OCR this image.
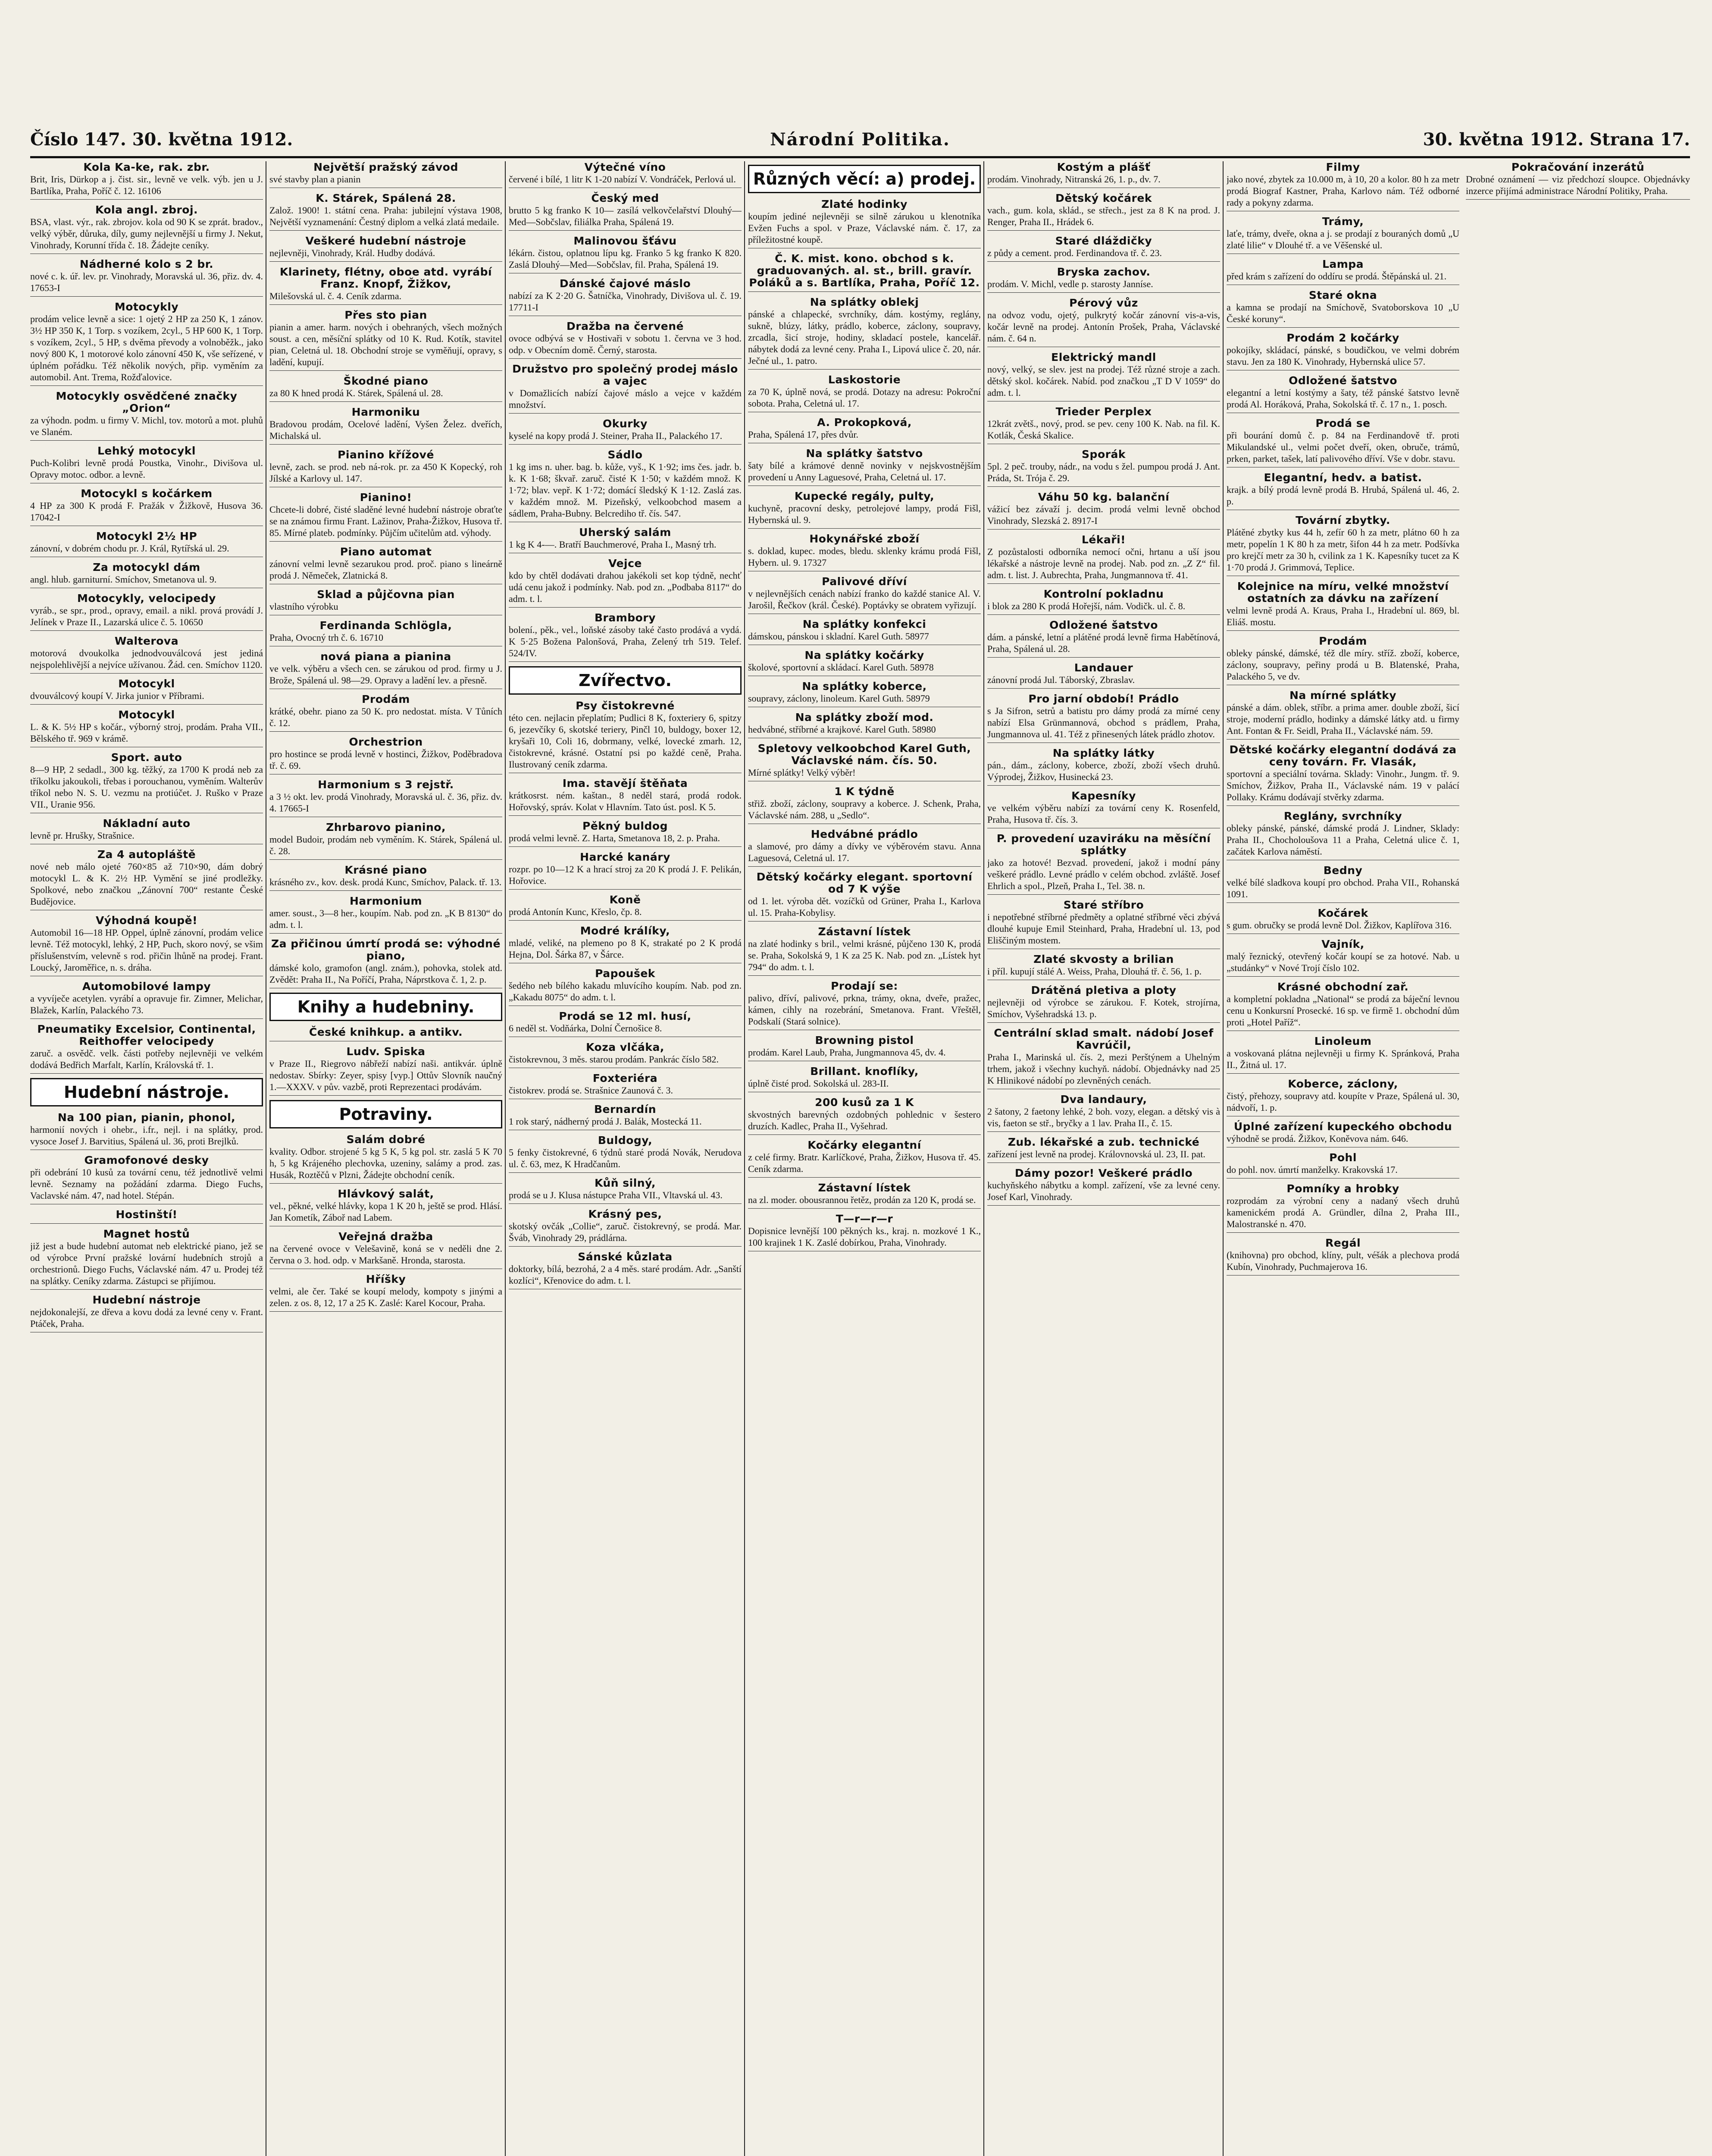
Číslo 147. 30. května 1912.	Národní Politika.	30. května 1912. Strana 17.
Kola Ka-ke, rak. zbr.
Brit, Iris, Dürkop a j. čist. sir., levně ve velk. výb. jen u J. Bartlíka, Praha, Poříč č. 12. 16106
Kola angl. zbroj.
BSA, vlast. výr., rak. zbrojov. kola od 90 K se zprát. bradov., velký výběr, důruka, díly, gumy nejlevnější u firmy J. Nekut, Vinohrady, Korunní třída č. 18. Žádejte ceníky.
Nádherné kolo s 2 br.
nové c. k. úř. lev. pr. Vinohrady, Moravská ul. 36, přiz. dv. 4. 17653-I
Motocykly
prodám velice levně a sice: 1 ojetý 2 HP za 250 K, 1 zánov. 3½ HP 350 K, 1 Torp. s vozíkem, 2cyl., 5 HP 600 K, 1 Torp. s vozíkem, 2cyl., 5 HP, s dvěma převody a volnoběžk., jako nový 800 K, 1 motorové kolo zánovní 450 K, vše seřízené, v úplném pořádku. Též několik nových, přip. vyměním za automobil. Ant. Trema, Rožďalovice.
Motocykly osvědčené značky „Orion“
za výhodn. podm. u firmy V. Michl, tov. motorů a mot. pluhů ve Slaném.
Lehký motocykl
Puch-Kolibri levně prodá Poustka, Vinohr., Divišova ul. Opravy motoc. odbor. a levně.
Motocykl s kočárkem
4 HP za 300 K prodá F. Pražák v Žižkově, Husova 36. 17042-I
Motocykl 2½ HP
zánovní, v dobrém chodu pr. J. Král, Rytířská ul. 29.
Za motocykl dám
angl. hlub. garniturní. Smíchov, Smetanova ul. 9.
Motocykly, velocipedy
vyráb., se spr., prod., opravy, email. a nikl. prová provádí J. Jelínek v Praze II., Lazarská ulice č. 5. 10650
Walterova
motorová dvoukolka jednodvouválcová jest jediná nejspolehlivější a nejvíce užívanou. Žád. cen. Smíchov 1120.
Motocykl
dvouválcový koupí V. Jirka junior v Příbrami.
Motocykl
L. & K. 5½ HP s kočár., výborný stroj, prodám. Praha VII., Bělského tř. 969 v krámě.
Sport. auto
8—9 HP, 2 sedadl., 300 kg. těžký, za 1700 K prodá neb za tříkolku jakoukoli, třebas i porouchanou, vyměním. Walterův tříkol nebo N. S. U. vezmu na protiúčet. J. Ruško v Praze VII., Uranie 956.
Nákladní auto
levně pr. Hrušky, Strašnice.
Za 4 autopláště
nové neb málo ojeté 760×85 až 710×90, dám dobrý motocykl L. & K. 2½ HP. Vymění se jiné prodležky. Spolkové, nebo značkou „Zánovní 700“ restante České Budějovice.
Výhodná koupě!
Automobil 16—18 HP. Oppel, úplně zánovní, prodám velice levně. Též motocykl, lehký, 2 HP, Puch, skoro nový, se všim příslušenstvím, velevně s rod. přičin lhůně na prodej. Frant. Loucký, Jaroměřice, n. s. dráha.
Automobilové lampy
a vyvíječe acetylen. vyrábí a opravuje fir. Zimner, Melichar, Blažek, Karlín, Palackého 73.
Pneumatiky Excelsior, Continental, Reithoffer velocipedy
zaruč. a osvědč. velk. části potřeby nejlevněji ve velkém dodává Bedřich Marfalt, Karlín, Královská tř. 1.
Hudební nástroje.
Na 100 pian, pianin, phonol,
harmonií nových i ohebr., i.fr., nejl. i na splátky, prod. vysoce Josef J. Barvitius, Spálená ul. 36, proti Brejlků.
Gramofonové desky
při odebrání 10 kusů za tovární cenu, též jednotlivě velmi levně. Seznamy na požádání zdarma. Diego Fuchs, Vaclavské nám. 47, nad hotel. Stépán.
Hostinští!
Magnet hostů
již jest a bude hudební automat neb elektrické piano, jež se od výrobce První pražské lovární hudebních strojů a orchestrionů. Diego Fuchs, Václavské nám. 47 u. Prodej též na splátky. Ceníky zdarma. Zástupci se přijímou.
Hudební nástroje
nejdokonalejší, ze dřeva a kovu dodá za levné ceny v. Frant. Ptáček, Praha.
Největší pražský závod
své stavby plan a pianin
K. Stárek, Spálená 28.
Založ. 1900! 1. státní cena. Praha: jubilejní výstava 1908, Největší vyznamenání: Čestný diplom a velká zlatá medaile.
Veškeré hudební nástroje
nejlevněji, Vinohrady, Král. Hudby dodává.
Klarinety, flétny, oboe atd. vyrábí Franz. Knopf, Žižkov,
Milešovská ul. č. 4. Ceník zdarma.
Přes sto pian
pianin a amer. harm. nových i obehraných, všech možných soust. a cen, měsíční splátky od 10 K. Rud. Kotík, stavitel pian, Celetná ul. 18. Obchodní stroje se vyměňují, opravy, s ladění, kupují.
Škodné piano
za 80 K hned prodá K. Stárek, Spálená ul. 28.
Harmoniku
Bradovou prodám, Ocelové ladění, Vyšen Želez. dveřích, Michalská ul.
Pianino křížové
levně, zach. se prod. neb ná-rok. pr. za 450 K Kopecký, roh Jílské a Karlovy ul. 147.
Pianino!
Chcete-li dobré, čisté sladěné levné hudební nástroje obraťte se na známou firmu Frant. Lažinov, Praha-Žižkov, Husova tř. 85. Mírné plateb. podmínky. Půjčím učitelům atd. výhody.
Piano automat
zánovní velmi levně sezarukou prod. proč. piano s lineárně prodá J. Němeček, Zlatnická 8.
Sklad a půjčovna pian
vlastního výrobku
Ferdinanda Schlögla,
Praha, Ovocný trh č. 6. 16710
nová piana a pianina
ve velk. výběru a všech cen. se zárukou od prod. firmy u J. Brože, Spálená ul. 98—29. Opravy a ladění lev. a přesně.
Prodám
krátké, obehr. piano za 50 K. pro nedostat. místa. V Tůních č. 12.
Orchestrion
pro hostince se prodá levně v hostinci, Žižkov, Poděbradova tř. č. 69.
Harmonium s 3 rejstř.
a 3 ½ okt. lev. prodá Vinohrady, Moravská ul. č. 36, přiz. dv. 4. 17665-I
Zhrbarovo pianino,
model Budoir, prodám neb vyměním. K. Stárek, Spálená ul. č. 28.
Krásné piano
krásného zv., kov. desk. prodá Kunc, Smíchov, Palack. tř. 13.
Harmonium
amer. soust., 3—8 her., koupím. Nab. pod zn. „K B 8130“ do adm. t. l.
Za přičinou úmrtí prodá se: výhodné piano,
dámské kolo, gramofon (angl. znám.), pohovka, stolek atd. Zvědět: Praha II., Na Poříčí, Praha, Náprstkova č. 1, 2. p.
Knihy a hudebniny.
České knihkup. a antikv.
Ludv. Spiska
v Praze II., Riegrovo nábřeží nabízí naši. antikvár. úplně nedostav. Sbírky: Zeyer, spisy [vyp.] Ottův Slovník naučný 1.—XXXV. v pův. vazbě, proti Reprezentaci prodávám.
Potraviny.
Salám dobré
kvality. Odbor. strojené 5 kg 5 K, 5 kg pol. str. zaslá 5 K 70 h, 5 kg Krájeného plechovka, uzeniny, salámy a prod. zas. Husák, Roztěčů v Plzni, Žádejte obchodní ceník.
Hlávkový salát,
vel., pěkné, velké hlávky, kopa 1 K 20 h, ještě se prod. Hlásí. Jan Kometík, Záboř nad Labem.
Veřejná dražba
na červené ovoce v Velešavině, koná se v neděli dne 2. června o 3. hod. odp. v Markšaně. Hronda, starosta.
Hříšky
velmi, ale čer. Také se koupí melody, kompoty s jinými a zelen. z os. 8, 12, 17 a 25 K. Zaslé: Karel Kocour, Praha.
Výtečné víno
červené i bílé, 1 litr K 1-20 nabízí V. Vondráček, Perlová ul.
Český med
brutto 5 kg franko K 10— zasílá velkovčelařství Dlouhý—Med—Sobčslav, filiálka Praha, Spálená 19.
Malinovou šťávu
lékárn. čistou, oplatnou lípu kg. Franko 5 kg franko K 820. Zaslá Dlouhý—Med—Sobčslav, fil. Praha, Spálená 19.
Dánské čajové máslo
nabízí za K 2·20 G. Šatníčka, Vinohrady, Divišova ul. č. 19. 17711-I
Dražba na červené
ovoce odbývá se v Hostivaři v sobotu 1. června ve 3 hod. odp. v Obecním domě. Černý, starosta.
Družstvo pro společný prodej máslo a vajec
v Domažlicích nabízí čajové máslo a vejce v každém množství.
Okurky
kyselé na kopy prodá J. Steiner, Praha II., Palackého 17.
Sádlo
1 kg ims n. uher. bag. b. kůže, vyš., K 1·92; ims čes. jadr. b. k. K 1·68; škvař. zaruč. čisté K 1·50; v každém množ. K 1·72; blav. vepř. K 1·72; domácí šledský K 1·12. Zaslá zas. v každém množ. M. Pizeňský, velkoobchod masem a sádlem, Praha-Bubny. Belcrediho tř. čís. 547.
Uherský salám
1 kg K 4-—. Bratří Bauchmerové, Praha I., Masný trh.
Vejce
kdo by chtěl dodávati drahou jakékoli set kop týdně, nechť udá cenu jakož i podmínky. Nab. pod zn. „Podbaba 8117“ do adm. t. l.
Brambory
bolení., pěk., vel., loňské zásoby také často prodává a vydá. K 5·25 Božena Palonšová, Praha, Zelený trh 519. Telef. 524/IV.
Zvířectvo.
Psy čistokrevné
této cen. nejlacin přeplatím; Pudlici 8 K, foxteriery 6, spitzy 6, jezevčíky 6, skotské teriery, Pinčl 10, buldogy, boxer 12, kryšaři 10, Coli 16, dobrmany, velké, lovecké zmarh. 12, čistokrevné, krásné. Ostatní psi po každé ceně, Praha. Ilustrovaný ceník zdarma.
Ima. stavějí štěňata
krátkosrst. ném. kaštan., 8 neděl stará, prodá rodok. Hořovský, správ. Kolat v Hlavním. Tato úst. posl. K 5.
Pěkný buldog
prodá velmi levně. Z. Harta, Smetanova 18, 2. p. Praha.
Harcké kanáry
rozpr. po 10—12 K a hrací stroj za 20 K prodá J. F. Pelikán, Hořovice.
Koně
prodá Antonín Kunc, Křeslo, čp. 8.
Modré králíky,
mladé, veliké, na plemeno po 8 K, strakaté po 2 K prodá Hejna, Dol. Šárka 87, v Šárce.
Papoušek
šedého neb bílého kakadu mluvícího koupím. Nab. pod zn. „Kakadu 8075“ do adm. t. l.
Prodá se 12 ml. husí,
6 neděl st. Vodňárka, Dolní Černošice 8.
Koza vlčáka,
čistokrevnou, 3 měs. starou prodám. Pankrác číslo 582.
Foxteriéra
čistokrev. prodá se. Strašnice Zaunová č. 3.
Bernardín
1 rok starý, nádherný prodá J. Balák, Mostecká 11.
Buldogy,
5 fenky čistokrevné, 6 týdnů staré prodá Novák, Nerudova ul. č. 63, mez, K Hradčanům.
Kůň silný,
prodá se u J. Klusa nástupce Praha VII., Vltavská ul. 43.
Krásný pes,
skotský ovčák „Collie“, zaruč. čistokrevný, se prodá. Mar. Šváb, Vinohrady 29, prádlárna.
Sánské kůzlata
doktorky, bílá, bezrohá, 2 a 4 měs. staré prodám. Adr. „Sanští kozlíci“, Křenovice do adm. t. l.
Různých věcí: a) prodej.
Zlaté hodinky
koupím jediné nejlevněji se silně zárukou u klenotníka Evžen Fuchs a spol. v Praze, Václavské nám. č. 17, za příležitostné koupě.
Č. K. mist. kono. obchod s k. graduovaných. al. st., brill. gravír. Poláků a s. Bartlíka, Praha, Poříč 12.
Na splátky oblekj
pánské a chlapecké, svrchníky, dám. kostýmy, reglány, sukně, blúzy, látky, prádlo, koberce, záclony, soupravy, zrcadla, šicí stroje, hodiny, skladací postele, kancelář. nábytek dodá za levné ceny. Praha I., Lipová ulice č. 20, nár. Ječné ul., 1. patro.
Laskostorie
za 70 K, úplně nová, se prodá. Dotazy na adresu: Pokroční sobota. Praha, Celetná ul. 17.
A. Prokopková,
Praha, Spálená 17, přes dvůr.
Na splátky šatstvo
šaty bílé a krámové denně novinky v nejskvostnějším provedení u Anny Laguesové, Praha, Celetná ul. 17.
Kupecké regály, pulty,
kuchyně, pracovní desky, petrolejové lampy, prodá Fišl, Hybernská ul. 9.
Hokynářské zboží
s. doklad, kupec. modes, bledu. sklenky krámu prodá Fišl, Hybern. ul. 9. 17327
Palivové dříví
v nejlevnějších cenách nabízí franko do každé stanice Al. V. Jarošil, Řečkov (král. České). Poptávky se obratem vyřizují.
Na splátky konfekci
dámskou, pánskou i skladní. Karel Guth. 58977
Na splátky kočárky
školové, sportovní a skládací. Karel Guth. 58978
Na splátky koberce,
soupravy, záclony, linoleum. Karel Guth. 58979
Na splátky zboží mod.
hedvábné, stříbrné a krajkové. Karel Guth. 58980
Spletovy velkoobchod Karel Guth, Václavské nám. čís. 50.
Mírné splátky! Velký výběr!
1 K týdně
střiž. zboží, záclony, soupravy a koberce. J. Schenk, Praha, Václavské nám. 288, u „Sedlo“.
Hedvábné prádlo
a slamové, pro dámy a dívky ve výběrovém stavu. Anna Laguesová, Celetná ul. 17.
Dětský kočárky elegant. sportovní od 7 K výše
od 1. let. výroba dět. vozíčků od Grüner, Praha I., Karlova ul. 15. Praha-Kobylisy.
Zástavní lístek
na zlaté hodinky s bril., velmi krásné, půjčeno 130 K, prodá se. Praha, Sokolská 9, 1 K za 25 K. Nab. pod zn. „Lístek hyt 794“ do adm. t. l.
Prodají se:
palivo, dříví, palivové, prkna, trámy, okna, dveře, pražec, kámen, cihly na rozebrání, Smetanova. Frant. Vřeštěl, Podskalí (Stará solnice).
Browning pistol
prodám. Karel Laub, Praha, Jungmannova 45, dv. 4.
Brillant. knoflíky,
úplně čisté prod. Sokolská ul. 283-II.
200 kusů za 1 K
skvostných barevných ozdobných pohlednic v šestero druzích. Kadlec, Praha II., Vyšehrad.
Kočárky elegantní
z celé firmy. Bratr. Karlíčkové, Praha, Žižkov, Husova tř. 45. Ceník zdarma.
Zástavní lístek
na zl. moder. obousrannou řetěz, prodán za 120 K, prodá se.
T—r—r—r
Dopisnice levnější 100 pěkných ks., kraj. n. mozkové 1 K., 100 krajinek 1 K. Zaslé dobírkou, Praha, Vinohrady.
Kostým a plášť
prodám. Vinohrady, Nitranská 26, 1. p., dv. 7.
Dětský kočárek
vach., gum. kola, sklád., se střech., jest za 8 K na prod. J. Renger, Praha II., Hrádek 6.
Staré dláždičky
z půdy a cement. prod. Ferdinandova tř. č. 23.
Bryska zachov.
prodám. V. Michl, vedle p. starosty Janníse.
Pérový vůz
na odvoz vodu, ojetý, pulkrytý kočár zánovní vis-a-vis, kočár levně na prodej. Antonín Prošek, Praha, Václavské nám. č. 64 n.
Elektrický mandl
nový, velký, se slev. jest na prodej. Též různé stroje a zach. dětský skol. kočárek. Nabíd. pod značkou „T D V 1059“ do adm. t. l.
Trieder Perplex
12krát zvětš., nový, prod. se pev. ceny 100 K. Nab. na fil. K. Kotlák, Česká Skalice.
Sporák
5pl. 2 peč. trouby, nádr., na vodu s žel. pumpou prodá J. Ant. Práda, St. Trója č. 29.
Váhu 50 kg. balanční
vážicí bez závaží j. decim. prodá velmi levně obchod Vinohrady, Slezská 2. 8917-I
Lékaři!
Z pozůstalosti odborníka nemocí očni, hrtanu a uší jsou lékařské a nástroje levně na prodej. Nab. pod zn. „Z Z“ fil. adm. t. list. J. Aubrechta, Praha, Jungmannova tř. 41.
Kontrolní pokladnu
i blok za 280 K prodá Hořejší, nám. Vodičk. ul. č. 8.
Odložené šatstvo
dám. a pánské, letní a plátěné prodá levně firma Habětínová, Praha, Spálená ul. 28.
Landauer
zánovní prodá Jul. Táborský, Zbraslav.
Pro jarní období! Prádlo
s Ja Sifron, setrů a batistu pro dámy prodá za mírné ceny nabízí Elsa Grünmannová, obchod s prádlem, Praha, Jungmannova ul. 41. Též z přinesených látek prádlo zhotov.
Na splátky látky
pán., dám., záclony, koberce, zboží, zboží všech druhů. Výprodej, Žižkov, Husinecká 23.
Kapesníky
ve velkém výběru nabízí za tovární ceny K. Rosenfeld, Praha, Husova tř. čís. 3.
P. provedení uzaviráku na měsíční splátky
jako za hotové! Bezvad. provedení, jakož i modní pány veškeré prádlo. Levné prádlo v celém obchod. zvláště. Josef Ehrlich a spol., Plzeň, Praha I., Tel. 38. n.
Staré stříbro
i nepotřebné stříbrné předměty a oplatné stříbrné věci zbývá dlouhé kupuje Emil Steinhard, Praha, Hradební ul. 13, pod Eliščiným mostem.
Zlaté skvosty a brilian
i příl. kupují stálé A. Weiss, Praha, Dlouhá tř. č. 56, 1. p.
Drátěná pletiva a ploty
nejlevněji od výrobce se zárukou. F. Kotek, strojírna, Smíchov, Vyšehradská 13. p.
Centrální sklad smalt. nádobí Josef Kavrúčil,
Praha I., Marinská ul. čís. 2, mezi Perštýnem a Uhelným trhem, jakož i všechny kuchyň. nádobí. Objednávky nad 25 K Hlinikové nádobí po zlevněných cenách.
Dva landaury,
2 šatony, 2 faetony lehké, 2 boh. vozy, elegan. a dětský vis à vis, faeton se stř., bryčky a 1 lav. Praha II., č. 15.
Zub. lékařské a zub. technické
zařízení jest levně na prodej. Královnovská ul. 23, II. pat.
Dámy pozor! Veškeré prádlo
kuchyňského nábytku a kompl. zařízení, vše za levné ceny. Josef Karl, Vinohrady.
Filmy
jako nové, zbytek za 10.000 m, à 10, 20 a kolor. 80 h za metr prodá Biograf Kastner, Praha, Karlovo nám. Též odborné rady a pokyny zdarma.
Trámy,
laťe, trámy, dveře, okna a j. se prodají z bouraných domů „U zlaté lilie“ v Dlouhé tř. a ve Věšenské ul.
Lampa
před krám s zařízení do oddíru se prodá. Štěpánská ul. 21.
Staré okna
a kamna se prodají na Smíchově, Svatoborskova 10 „U České koruny“.
Prodám 2 kočárky
pokojíky, skládací, pánské, s boudičkou, ve velmi dobrém stavu. Jen za 180 K. Vinohrady, Hybernská ulice 57.
Odložené šatstvo
elegantní a letní kostýmy a šaty, též pánské šatstvo levně prodá Al. Horáková, Praha, Sokolská tř. č. 17 n., 1. posch.
Prodá se
při bourání domů č. p. 84 na Ferdinandově tř. proti Mikulandské ul., velmi počet dveří, oken, obruče, trámů, prken, parket, tašek, latí palivového dříví. Vše v dobr. stavu.
Elegantní, hedv. a batist.
krajk. a bílý prodá levně prodá B. Hrubá, Spálená ul. 46, 2. p.
Tovární zbytky.
Plátěné zbytky kus 44 h, zefír 60 h za metr, plátno 60 h za metr, popelín 1 K 80 h za metr, šifon 44 h za metr. Podšívka pro krejčí metr za 30 h, cvilink za 1 K. Kapesníky tucet za K 1·70 prodá J. Grimmová, Teplice.
Kolejnice na míru, velké množství ostatních za dávku na zařízení
velmi levně prodá A. Kraus, Praha I., Hradební ul. 869, bl. Eliáš. mostu.
Prodám
obleky pánské, dámské, též dle míry. stříž. zboží, koberce, záclony, soupravy, peřiny prodá u B. Blatenské, Praha, Palackého 5, ve dv.
Na mírné splátky
pánské a dám. oblek, stříbr. a prima amer. double zboží, šicí stroje, moderní prádlo, hodinky a dámské látky atd. u firmy Ant. Fontan & Fr. Seidl, Praha II., Václavské nám. 59.
Dětské kočárky elegantní dodává za ceny továrn. Fr. Vlasák,
sportovní a speciální továrna. Sklady: Vinohr., Jungm. tř. 9. Smíchov, Žižkov, Praha II., Václavské nám. 19 v palácí Pollaky. Krámu dodávají stvěrky zdarma.
Reglány, svrchníky
obleky pánské, pánské, dámské prodá J. Lindner, Sklady: Praha II., Chocholoušova 11 a Praha, Celetná ulice č. 1, začátek Karlova náměstí.
Bedny
velké bílé sladkova koupí pro obchod. Praha VII., Rohanská 1091.
Kočárek
s gum. obručky se prodá levně Dol. Žižkov, Kaplířova 316.
Vajník,
malý řeznický, otevřený kočár koupí se za hotové. Nab. u „studánky“ v Nové Trojí číslo 102.
Krásné obchodní zař.
a kompletní pokladna „National“ se prodá za báječní levnou cenu u Konkursní Prosecké. 16 sp. ve firmě 1. obchodní dům proti „Hotel Paříž“.
Linoleum
a voskovaná plátna nejlevněji u firmy K. Spránková, Praha II., Žitná ul. 17.
Koberce, záclony,
čistý, přehozy, soupravy atd. koupíte v Praze, Spálená ul. 30, nádvoří, 1. p.
Úplné zařízení kupeckého obchodu
výhodně se prodá. Žižkov, Koněvova nám. 646.
Pohl
do pohl. nov. úmrtí manželky. Krakovská 17.
Pomníky a hrobky
rozprodám za výrobní ceny a nadaný všech druhů kamenickém prodá A. Gründler, dílna 2, Praha III., Malostranské n. 470.
Regál
(knihovna) pro obchod, klíny, pult, véšák a plechova prodá Kubín, Vinohrady, Puchmajerova 16.
Pokračování inzerátů
Drobné oznámení — viz předchozí sloupce. Objednávky inzerce přijímá administrace Národní Politiky, Praha.
